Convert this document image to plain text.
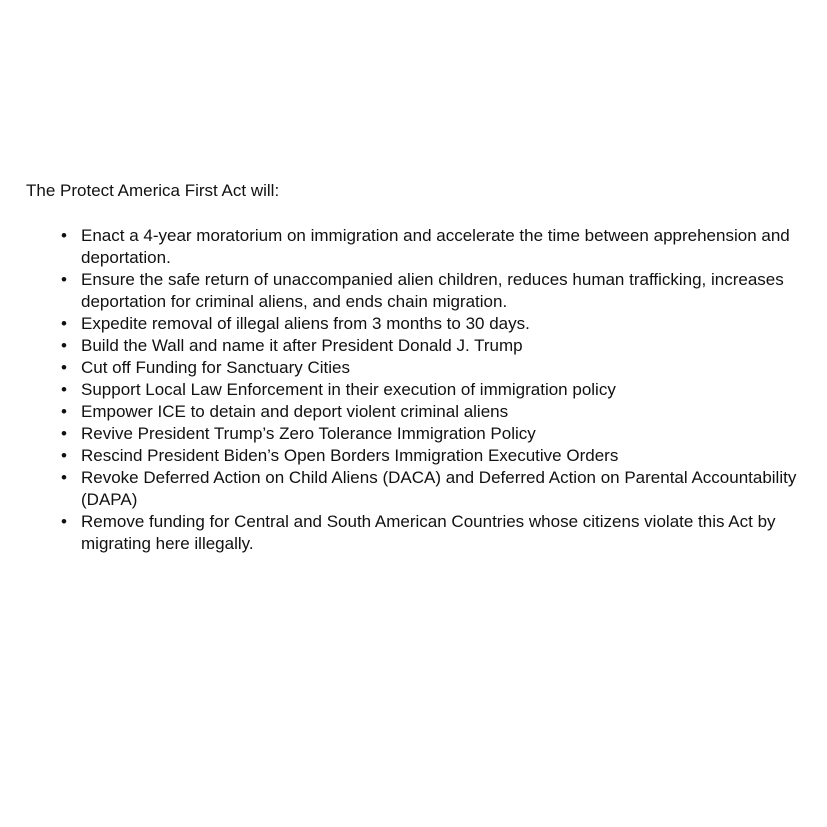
The Protect America First Act will:

• Enact a 4-year moratorium on immigration and accelerate the time between apprehension and deportation.
• Ensure the safe return of unaccompanied alien children, reduces human trafficking, increases deportation for criminal aliens, and ends chain migration.
• Expedite removal of illegal aliens from 3 months to 30 days.
• Build the Wall and name it after President Donald J. Trump
• Cut off Funding for Sanctuary Cities
• Support Local Law Enforcement in their execution of immigration policy
• Empower ICE to detain and deport violent criminal aliens
• Revive President Trump’s Zero Tolerance Immigration Policy
• Rescind President Biden’s Open Borders Immigration Executive Orders
• Revoke Deferred Action on Child Aliens (DACA) and Deferred Action on Parental Accountability (DAPA)
• Remove funding for Central and South American Countries whose citizens violate this Act by migrating here illegally.
